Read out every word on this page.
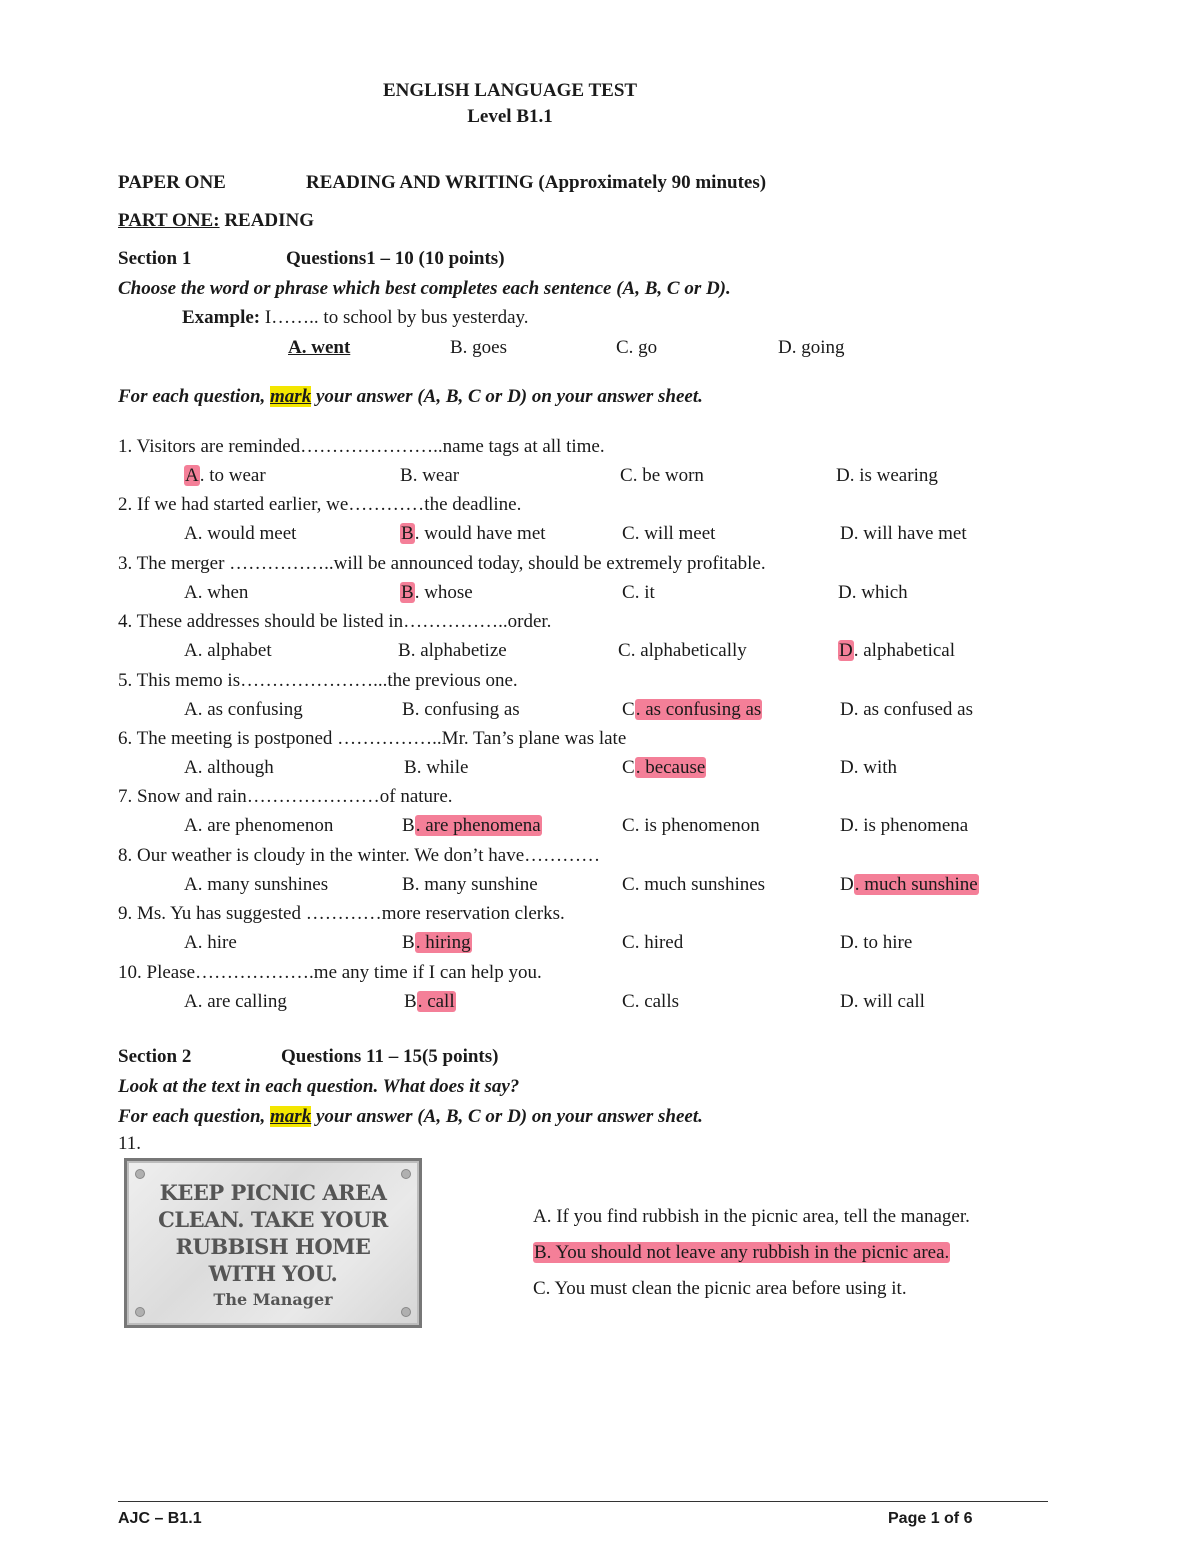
ENGLISH LANGUAGE TEST
Level B1.1
PAPER ONE	READING AND WRITING (Approximately 90 minutes)
PART ONE: READING
Section 1	Questions1 – 10 (10 points)
Choose the word or phrase which best completes each sentence (A, B, C or D).
Example: I…….. to school by bus yesterday.
A. went	B. goes	C. go	D. going
For each question, mark your answer (A, B, C or D) on your answer sheet.
1. Visitors are reminded…………………..name tags at all time.
A. to wear	B. wear	C. be worn	D. is wearing
2. If we had started earlier, we…………the deadline.
A. would meet	B. would have met	C. will meet	D. will have met
3. The merger ……………..will be announced today, should be extremely profitable.
A. when	B. whose	C. it	D. which
4. These addresses should be listed in……………..order.
A. alphabet	B. alphabetize	C. alphabetically	D. alphabetical
5. This memo is…………………...the previous one.
A. as confusing	B. confusing as	C. as confusing as	D. as confused as
6. The meeting is postponed ……………..Mr. Tan’s plane was late
A. although	B. while	C. because	D. with
7. Snow and rain…………………of nature.
A. are phenomenon	B. are phenomena	C. is phenomenon	D. is phenomena
8. Our weather is cloudy in the winter. We don’t have…………
A. many sunshines	B. many sunshine	C. much sunshines	D. much sunshine
9. Ms. Yu has suggested …………more reservation clerks.
A. hire	B. hiring	C. hired	D. to hire
10. Please……………….me any time if I can help you.
A. are calling	B. call	C. calls	D. will call
Section 2	Questions 11 – 15(5 points)
Look at the text in each question. What does it say?
For each question, mark your answer (A, B, C or D) on your answer sheet.
11.
KEEP PICNIC AREA
CLEAN. TAKE YOUR
RUBBISH HOME
WITH YOU.
The Manager
A. If you find rubbish in the picnic area, tell the manager.
B. You should not leave any rubbish in the picnic area.
C. You must clean the picnic area before using it.
AJC – B1.1	Page 1 of 6
